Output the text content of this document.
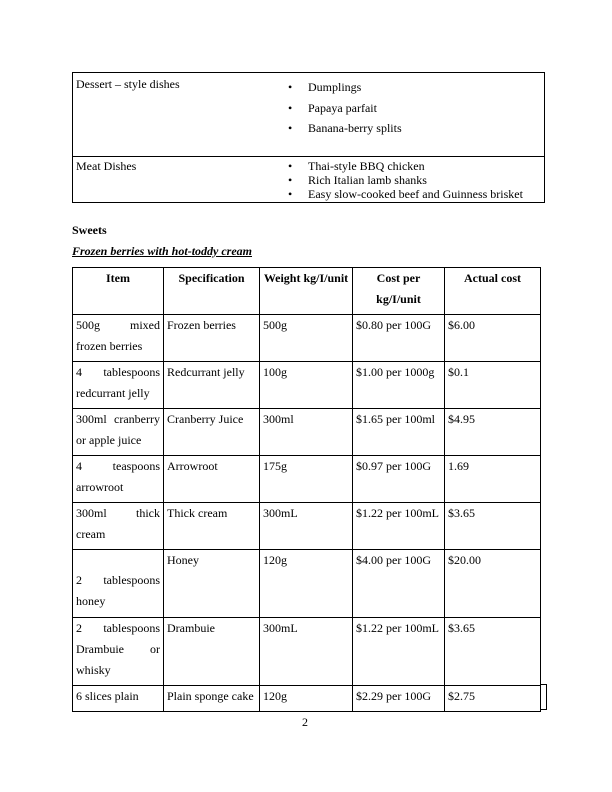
Dessert – style dishes	• Dumplings
• Papaya parfait
• Banana-berry splits
Meat Dishes	• Thai-style BBQ chicken
• Rich Italian lamb shanks
• Easy slow-cooked beef and Guinness brisket
Sweets
Frozen berries with hot-toddy cream
Item	Specification	Weight kg/I/unit	Cost per kg/I/unit	Actual cost
500g mixed frozen berries	Frozen berries	500g	$0.80 per 100G	$6.00
4 tablespoons redcurrant jelly	Redcurrant jelly	100g	$1.00 per 1000g	$0.1
300ml cranberry or apple juice	Cranberry Juice	300ml	$1.65 per 100ml	$4.95
4 teaspoons arrowroot	Arrowroot	175g	$0.97 per 100G	1.69
300ml thick cream	Thick cream	300mL	$1.22 per 100mL	$3.65
2 tablespoons honey	Honey	120g	$4.00 per 100G	$20.00
2 tablespoons Drambuie or whisky	Drambuie	300mL	$1.22 per 100mL	$3.65
6 slices plain	Plain sponge cake	120g	$2.29 per 100G	$2.75
2
